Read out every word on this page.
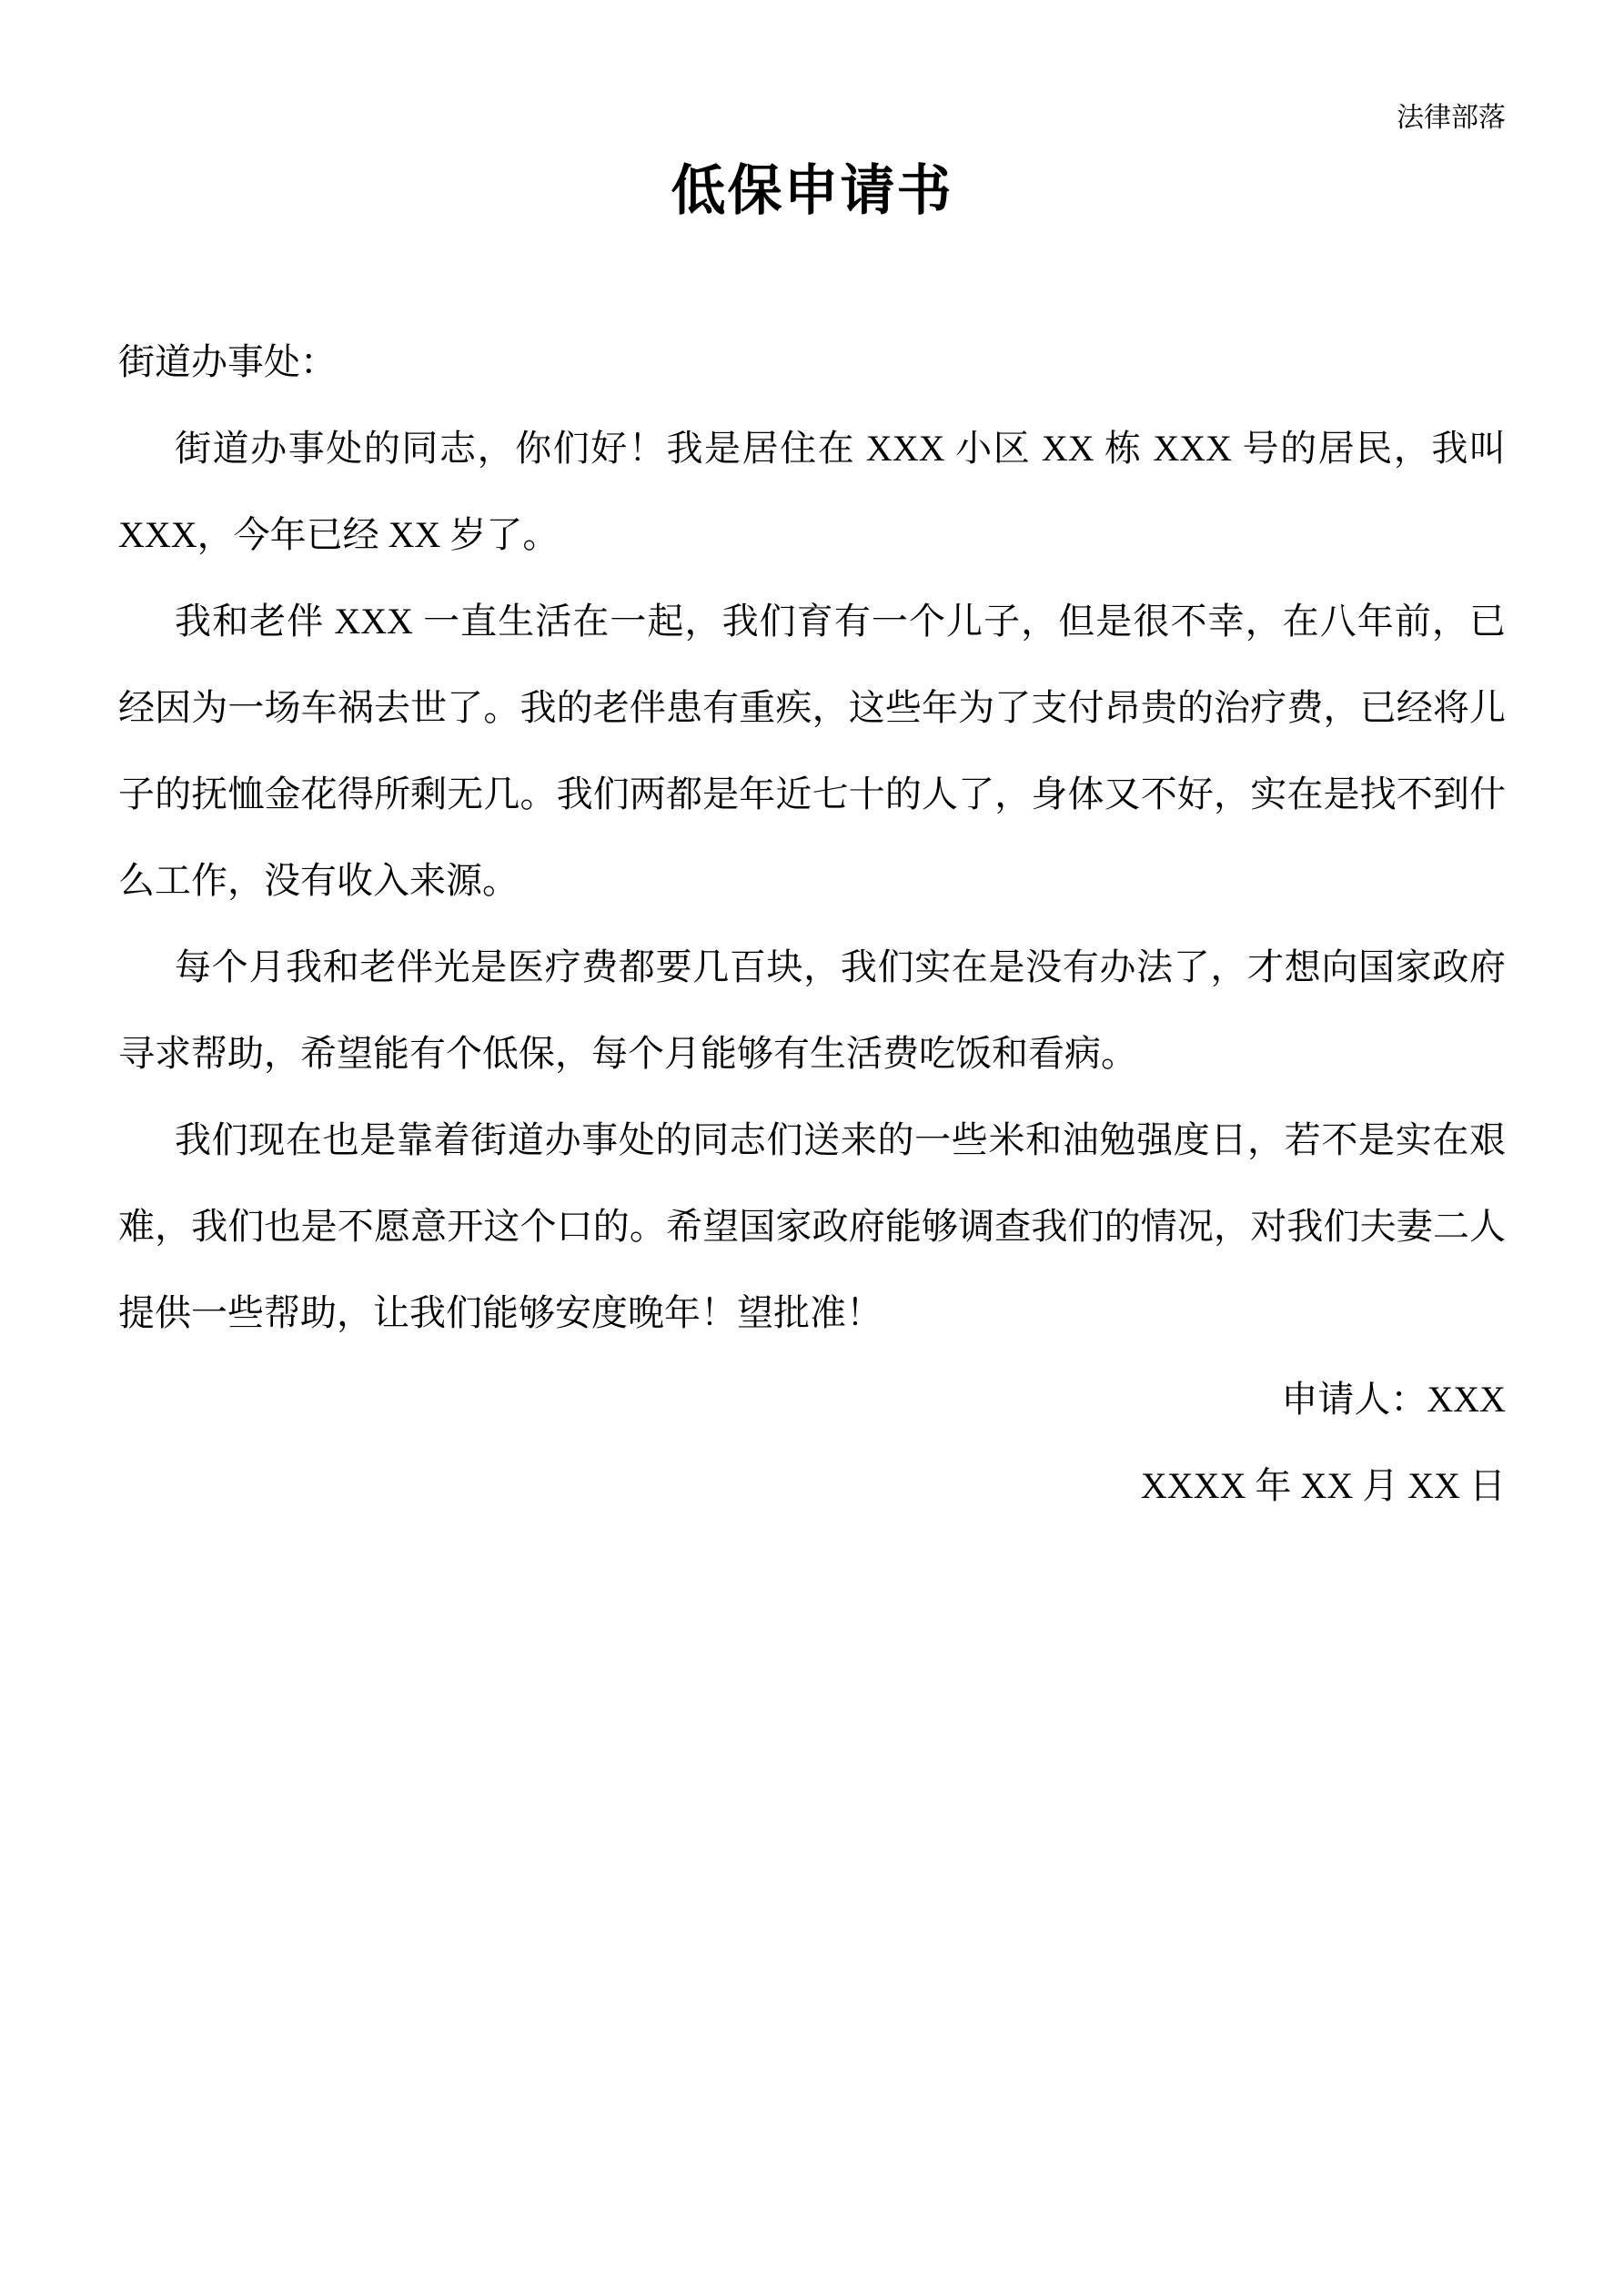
法律部落

低保申请书

街道办事处：

街道办事处的同志，你们好！我是居住在 XXX 小区 XX 栋 XXX 号的居民，我叫 XXX，今年已经 XX 岁了。

我和老伴 XXX 一直生活在一起，我们育有一个儿子，但是很不幸，在八年前，已经因为一场车祸去世了。我的老伴患有重疾，这些年为了支付昂贵的治疗费，已经将儿子的抚恤金花得所剩无几。我们两都是年近七十的人了，身体又不好，实在是找不到什么工作，没有收入来源。

每个月我和老伴光是医疗费都要几百块，我们实在是没有办法了，才想向国家政府寻求帮助，希望能有个低保，每个月能够有生活费吃饭和看病。

我们现在也是靠着街道办事处的同志们送来的一些米和油勉强度日，若不是实在艰难，我们也是不愿意开这个口的。希望国家政府能够调查我们的情况，对我们夫妻二人提供一些帮助，让我们能够安度晚年！望批准！

申请人：XXX

XXXX 年 XX 月 XX 日
